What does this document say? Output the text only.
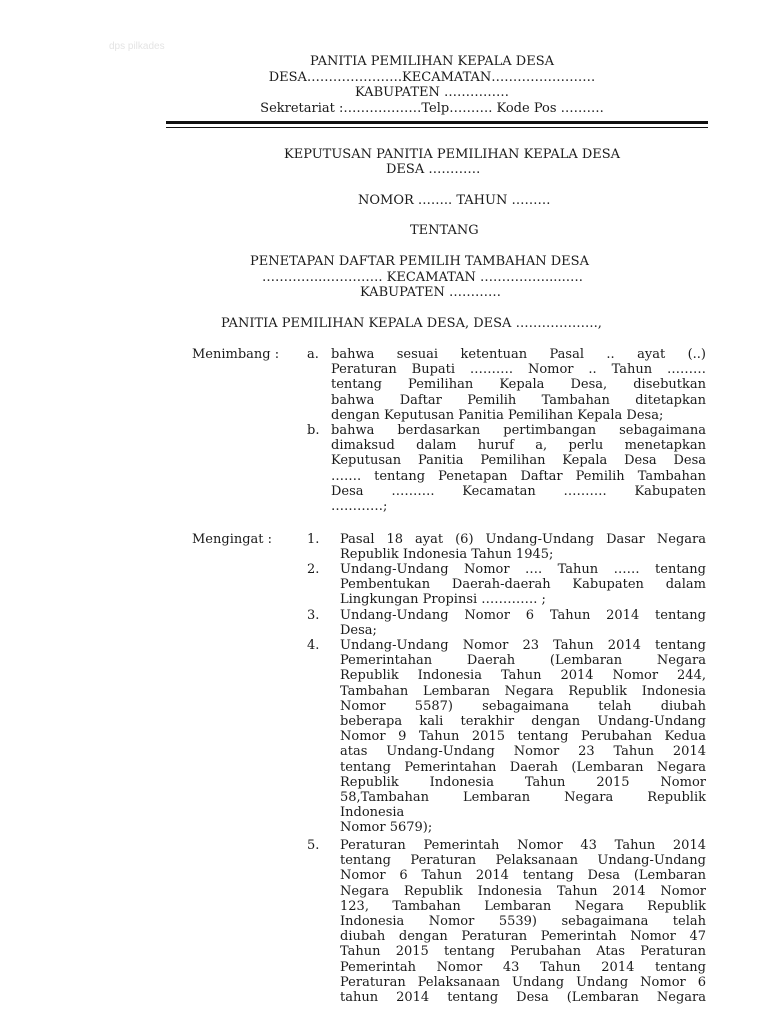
dps pilkades
PANITIA PEMILIHAN KEPALA DESA
DESA………………….KECAMATAN……………………
KABUPATEN ……………
Sekretariat :………………Telp………. Kode Pos ……….
KEPUTUSAN PANITIA PEMILIHAN KEPALA DESA
DESA …………
NOMOR …….. TAHUN ………
TENTANG
PENETAPAN DAFTAR PEMILIH TAMBAHAN DESA
…………...…………. KECAMATAN …………….....….
KABUPATEN …………
PANITIA PEMILIHAN KEPALA DESA, DESA ……………….,
Menimbang : a. bahwa sesuai ketentuan Pasal .. ayat (..)
Peraturan Bupati ………. Nomor .. Tahun ………
tentang Pemilihan Kepala Desa, disebutkan
bahwa Daftar Pemilih Tambahan ditetapkan
dengan Keputusan Panitia Pemilihan Kepala Desa;
b. bahwa berdasarkan pertimbangan sebagaimana
dimaksud dalam huruf a, perlu menetapkan
Keputusan Panitia Pemilihan Kepala Desa Desa
……. tentang Penetapan Daftar Pemilih Tambahan
Desa ………. Kecamatan ………. Kabupaten
…………;
Mengingat :	1. Pasal 18 ayat (6) Undang-Undang Dasar Negara
Republik Indonesia Tahun 1945;
2. Undang-Undang Nomor …. Tahun …… tentang
Pembentukan Daerah-daerah Kabupaten dalam
Lingkungan Propinsi …………. ;
3. Undang-Undang Nomor 6 Tahun 2014 tentang
Desa;
4. Undang-Undang Nomor 23 Tahun 2014 tentang
Pemerintahan Daerah (Lembaran Negara
Republik Indonesia Tahun 2014 Nomor 244,
Tambahan Lembaran Negara Republik Indonesia
Nomor 5587) sebagaimana telah diubah
beberapa kali terakhir dengan Undang-Undang
Nomor 9 Tahun 2015 tentang Perubahan Kedua
atas Undang-Undang Nomor 23 Tahun 2014
tentang Pemerintahan Daerah (Lembaran Negara
Republik Indonesia Tahun 2015 Nomor
58,Tambahan Lembaran Negara Republik
Indonesia
Nomor 5679);
5. Peraturan Pemerintah Nomor 43 Tahun 2014
tentang Peraturan Pelaksanaan Undang-Undang
Nomor 6 Tahun 2014 tentang Desa (Lembaran
Negara Republik Indonesia Tahun 2014 Nomor
123, Tambahan Lembaran Negara Republik
Indonesia Nomor 5539) sebagaimana telah
diubah dengan Peraturan Pemerintah Nomor 47
Tahun 2015 tentang Perubahan Atas Peraturan
Pemerintah Nomor 43 Tahun 2014 tentang
Peraturan Pelaksanaan Undang Undang Nomor 6
tahun 2014 tentang Desa (Lembaran Negara
